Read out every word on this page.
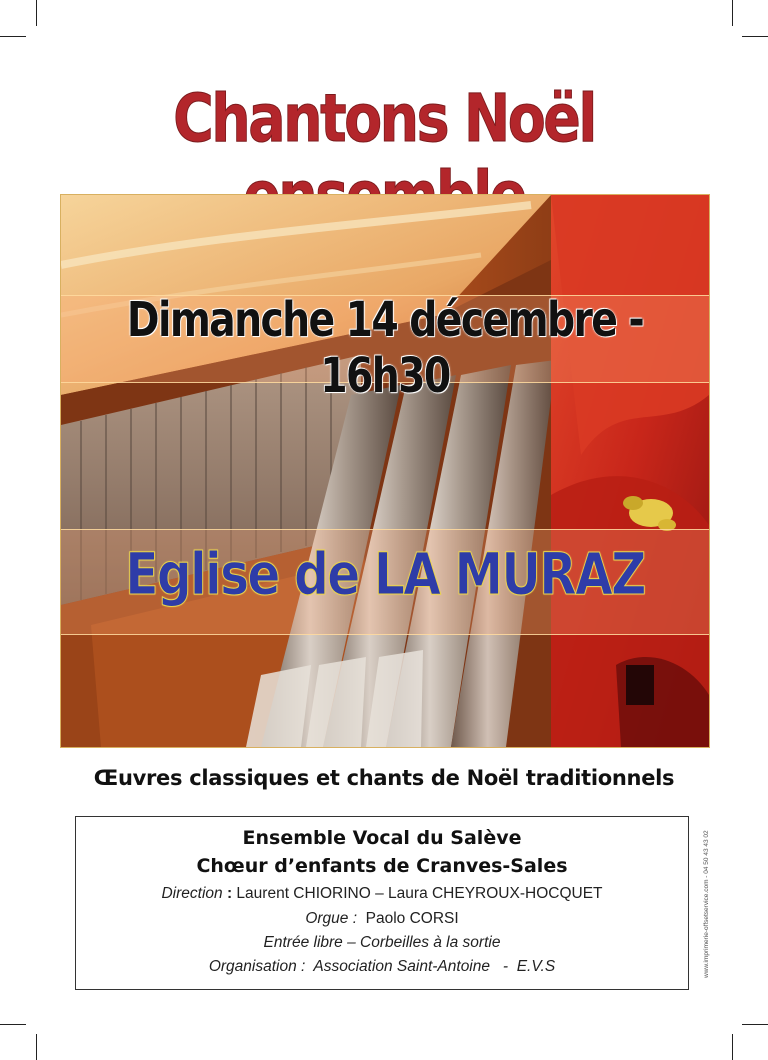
Chantons Noël
Dimanche 14 décembre - 16h30
Eglise de LA MURAZ
Œuvres classiques et chants de Noël traditionnels
Ensemble Vocal du Salève
Chœur d’enfants de Cranves-Sales
Direction : Laurent CHIORINO – Laura CHEYROUX-HOCQUET
Orgue :  Paolo CORSI
Entrée libre – Corbeilles à la sortie
Organisation :  Association Saint-Antoine   -  E.V.S	www.imprimerie-offsetservice.com - 04 50 43 43 02
